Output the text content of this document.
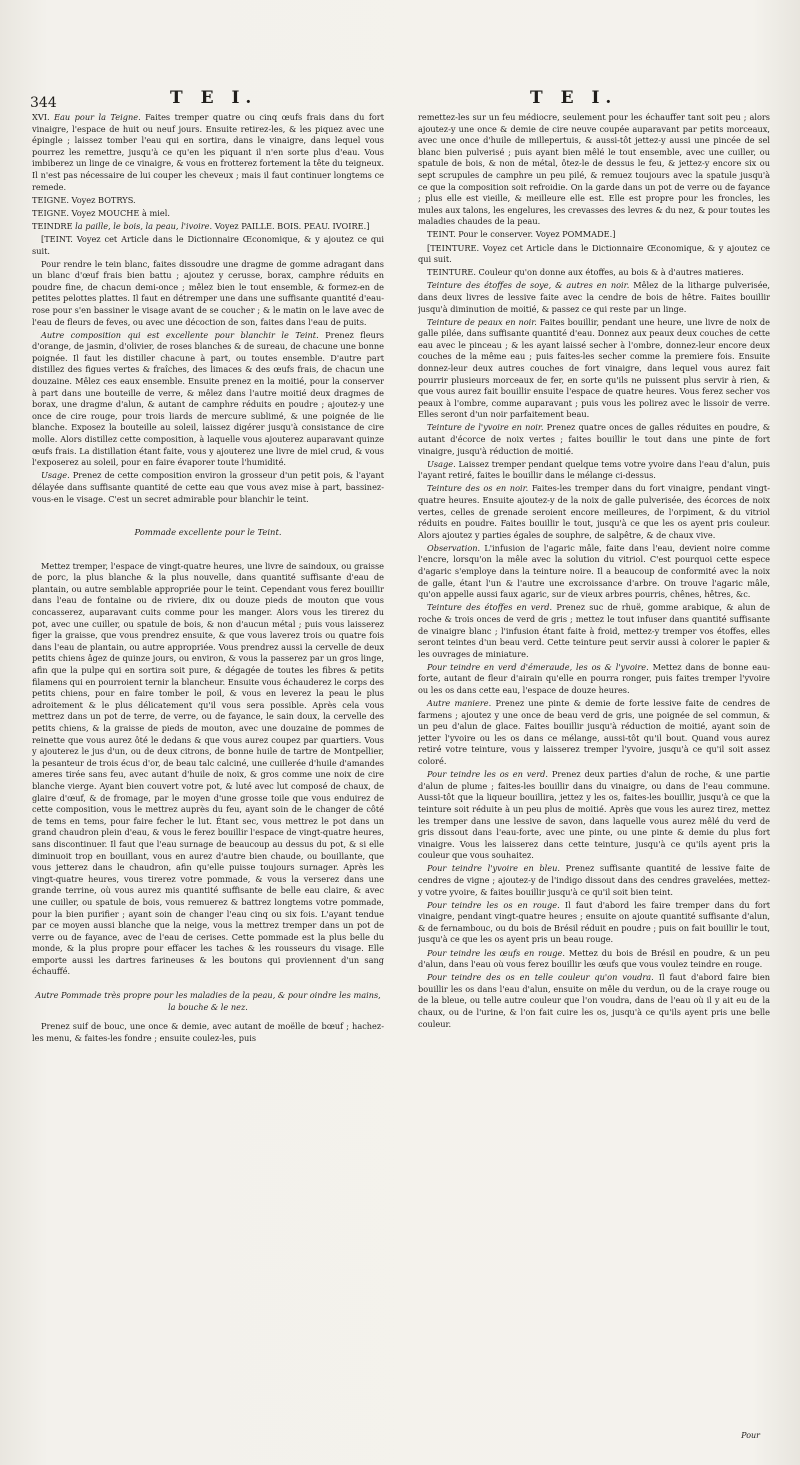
344	T E I.	T E I.

XVI. Eau pour la Teigne. Faites tremper quatre ou cinq œufs frais dans du fort vinaigre, l'espace de huit ou neuf jours. Ensuite retirez-les, & les piquez avec une épingle ; laissez tomber l'eau qui en sortira, dans le vinaigre, dans lequel vous pourrez les remettre, jusqu'à ce qu'en les piquant il n'en sorte plus d'eau. Vous imbiberez un linge de ce vinaigre, & vous en frotterez fortement la tête du teigneux. Il n'est pas nécessaire de lui couper les cheveux ; mais il faut continuer longtems ce remede.

TEIGNE. Voyez BOTRYS.

TEIGNE. Voyez MOUCHE à miel.

TEINDRE la paille, le bois, la peau, l'ivoire. Voyez PAILLE. BOIS. PEAU. IVOIRE.]

[TEINT. Voyez cet Article dans le Dictionnaire Œconomique, & y ajoutez ce qui suit.

Pour rendre le tein blanc, faites dissoudre une dragme de gomme adragant dans un blanc d'œuf frais bien battu ; ajoutez y cerusse, borax, camphre réduits en poudre fine, de chacun demi-once ; mêlez bien le tout ensemble, & formez-en de petites pelottes plattes. Il faut en détremper une dans une suffisante quantité d'eau-rose pour s'en bassiner le visage avant de se coucher ; & le matin on le lave avec de l'eau de fleurs de feves, ou avec une décoction de son, faites dans l'eau de puits.

Autre composition qui est excellente pour blanchir le Teint. Prenez fleurs d'orange, de jasmin, d'olivier, de roses blanches & de sureau, de chacune une bonne poignée. Il faut les distiller chacune à part, ou toutes ensemble. D'autre part distillez des figues vertes & fraîches, des limaces & des œufs frais, de chacun une douzaine. Mêlez ces eaux ensemble. Ensuite prenez en la moitié, pour la conserver à part dans une bouteille de verre, & mêlez dans l'autre moitié deux dragmes de borax, une dragme d'alun, & autant de camphre réduits en poudre ; ajoutez-y une once de cire rouge, pour trois liards de mercure sublimé, & une poignée de lie blanche. Exposez la bouteille au soleil, laissez digérer jusqu'à consistance de cire molle. Alors distillez cette composition, à laquelle vous ajouterez auparavant quinze œufs frais. La distillation étant faite, vous y ajouterez une livre de miel crud, & vous l'exposerez au soleil, pour en faire évaporer toute l'humidité.

Usage. Prenez de cette composition environ la grosseur d'un petit pois, & l'ayant délayée dans suffisante quantité de cette eau que vous avez mise à part, bassinez-vous-en le visage. C'est un secret admirable pour blanchir le teint.

Pommade excellente pour le Teint.

Mettez tremper, l'espace de vingt-quatre heures, une livre de saindoux, ou graisse de porc, la plus blanche & la plus nouvelle, dans quantité suffisante d'eau de plantain, ou autre semblable appropriée pour le teint. Cependant vous ferez bouillir dans l'eau de fontaine ou de riviere, dix ou douze pieds de mouton que vous concasserez, auparavant cuits comme pour les manger. Alors vous les tirerez du pot, avec une cuiller, ou spatule de bois, & non d'aucun métal ; puis vous laisserez figer la graisse, que vous prendrez ensuite, & que vous laverez trois ou quatre fois dans l'eau de plantain, ou autre appropriée. Vous prendrez aussi la cervelle de deux petits chiens âgez de quinze jours, ou environ, & vous la passerez par un gros linge, afin que la pulpe qui en sortira soit pure, & dégagée de toutes les fibres & petits filamens qui en pourroient ternir la blancheur. Ensuite vous échauderez le corps des petits chiens, pour en faire tomber le poil, & vous en leverez la peau le plus adroitement & le plus délicatement qu'il vous sera possible. Après cela vous mettrez dans un pot de terre, de verre, ou de fayance, le sain doux, la cervelle des petits chiens, & la graisse de pieds de mouton, avec une douzaine de pommes de reinette que vous aurez ôté le dedans & que vous aurez coupez par quartiers. Vous y ajouterez le jus d'un, ou de deux citrons, de bonne huile de tartre de Montpellier, la pesanteur de trois écus d'or, de beau talc calciné, une cuillerée d'huile d'amandes ameres tirée sans feu, avec autant d'huile de noix, & gros comme une noix de cire blanche vierge. Ayant bien couvert votre pot, & luté avec lut composé de chaux, de glaire d'œuf, & de fromage, par le moyen d'une grosse toile que vous enduirez de cette composition, vous le mettrez auprès du feu, ayant soin de le changer de côté de tems en tems, pour faire fecher le lut. Étant sec, vous mettrez le pot dans un grand chaudron plein d'eau, & vous le ferez bouillir l'espace de vingt-quatre heures, sans discontinuer. Il faut que l'eau surnage de beaucoup au dessus du pot, & si elle diminuoit trop en bouillant, vous en aurez d'autre bien chaude, ou bouillante, que vous jetterez dans le chaudron, afin qu'elle puisse toujours surnager. Après les vingt-quatre heures, vous tirerez votre pommade, & vous la verserez dans une grande terrine, où vous aurez mis quantité suffisante de belle eau claire, & avec une cuiller, ou spatule de bois, vous remuerez & battrez longtems votre pommade, pour la bien purifier ; ayant soin de changer l'eau cinq ou six fois. L'ayant tendue par ce moyen aussi blanche que la neige, vous la mettrez tremper dans un pot de verre ou de fayance, avec de l'eau de cerises. Cette pommade est la plus belle du monde, & la plus propre pour effacer les taches & les rousseurs du visage. Elle emporte aussi les dartres farineuses & les boutons qui proviennent d'un sang échauffé.

Autre Pommade très propre pour les maladies de la peau, & pour oindre les mains, la bouche & le nez.

Prenez suif de bouc, une once & demie, avec autant de moëlle de bœuf ; hachez-les menu, & faites-les fondre ; ensuite coulez-les, puis

remettez-les sur un feu médiocre, seulement pour les échauffer tant soit peu ; alors ajoutez-y une once & demie de cire neuve coupée auparavant par petits morceaux, avec une once d'huile de millepertuis, & aussi-tôt jettez-y aussi une pincée de sel blanc bien pulverisé ; puis ayant bien mêlé le tout ensemble, avec une cuiller, ou spatule de bois, & non de métal, ôtez-le de dessus le feu, & jettez-y encore six ou sept scrupules de camphre un peu pilé, & remuez toujours avec la spatule jusqu'à ce que la composition soit refroidie. On la garde dans un pot de verre ou de fayance ; plus elle est vieille, & meilleure elle est. Elle est propre pour les froncles, les mules aux talons, les engelures, les crevasses des levres & du nez, & pour toutes les maladies chaudes de la peau.

TEINT. Pour le conserver. Voyez POMMADE.]

[TEINTURE. Voyez cet Article dans le Dictionnaire Œconomique, & y ajoutez ce qui suit.

TEINTURE. Couleur qu'on donne aux étoffes, au bois & à d'autres matieres.

Teinture des étoffes de soye, & autres en noir. Mêlez de la litharge pulverisée, dans deux livres de lessive faite avec la cendre de bois de hêtre. Faites bouillir jusqu'à diminution de moitié, & passez ce qui reste par un linge.

Teinture de peaux en noir. Faites bouillir, pendant une heure, une livre de noix de galle pilée, dans suffisante quantité d'eau. Donnez aux peaux deux couches de cette eau avec le pinceau ; & les ayant laissé secher à l'ombre, donnez-leur encore deux couches de la même eau ; puis faites-les secher comme la premiere fois. Ensuite donnez-leur deux autres couches de fort vinaigre, dans lequel vous aurez fait pourrir plusieurs morceaux de fer, en sorte qu'ils ne puissent plus servir à rien, & que vous aurez fait bouillir ensuite l'espace de quatre heures. Vous ferez secher vos peaux à l'ombre, comme auparavant ; puis vous les polirez avec le lissoir de verre. Elles seront d'un noir parfaitement beau.

Teinture de l'yvoire en noir. Prenez quatre onces de galles réduites en poudre, & autant d'écorce de noix vertes ; faites bouillir le tout dans une pinte de fort vinaigre, jusqu'à réduction de moitié.

Usage. Laissez tremper pendant quelque tems votre yvoire dans l'eau d'alun, puis l'ayant retiré, faites le bouillir dans le mélange ci-dessus.

Teinture des os en noir. Faites-les tremper dans du fort vinaigre, pendant vingt-quatre heures. Ensuite ajoutez-y de la noix de galle pulverisée, des écorces de noix vertes, celles de grenade seroient encore meilleures, de l'orpiment, & du vitriol réduits en poudre. Faites bouillir le tout, jusqu'à ce que les os ayent pris couleur. Alors ajoutez y parties égales de souphre, de salpêtre, & de chaux vive.

Observation. L'infusion de l'agaric mâle, faite dans l'eau, devient noire comme l'encre, lorsqu'on la mêle avec la solution du vitriol. C'est pourquoi cette espece d'agaric s'employe dans la teinture noire. Il a beaucoup de conformité avec la noix de galle, étant l'un & l'autre une excroissance d'arbre. On trouve l'agaric mâle, qu'on appelle aussi faux agaric, sur de vieux arbres pourris, chênes, hêtres, &c.

Teinture des étoffes en verd. Prenez suc de rhuë, gomme arabique, & alun de roche & trois onces de verd de gris ; mettez le tout infuser dans quantité suffisante de vinaigre blanc ; l'infusion étant faite à froid, mettez-y tremper vos étoffes, elles seront teintes d'un beau verd. Cette teinture peut servir aussi à colorer le papier & les ouvrages de miniature.

Pour teindre en verd d'émeraude, les os & l'yvoire. Mettez dans de bonne eau-forte, autant de fleur d'airain qu'elle en pourra ronger, puis faites tremper l'yvoire ou les os dans cette eau, l'espace de douze heures.

Autre maniere. Prenez une pinte & demie de forte lessive faite de cendres de farmens ; ajoutez y une once de beau verd de gris, une poignée de sel commun, & un peu d'alun de glace. Faites bouillir jusqu'à réduction de moitié, ayant soin de jetter l'yvoire ou les os dans ce mélange, aussi-tôt qu'il bout. Quand vous aurez retiré votre teinture, vous y laisserez tremper l'yvoire, jusqu'à ce qu'il soit assez coloré.

Pour teindre les os en verd. Prenez deux parties d'alun de roche, & une partie d'alun de plume ; faites-les bouillir dans du vinaigre, ou dans de l'eau commune. Aussi-tôt que la liqueur bouillira, jettez y les os, faites-les bouillir, jusqu'à ce que la teinture soit réduite à un peu plus de moitié. Après que vous les aurez tirez, mettez les tremper dans une lessive de savon, dans laquelle vous aurez mêlé du verd de gris dissout dans l'eau-forte, avec une pinte, ou une pinte & demie du plus fort vinaigre. Vous les laisserez dans cette teinture, jusqu'à ce qu'ils ayent pris la couleur que vous souhaitez.

Pour teindre l'yvoire en bleu. Prenez suffisante quantité de lessive faite de cendres de vigne ; ajoutez-y de l'indigo dissout dans des cendres gravelées, mettez-y votre yvoire, & faites bouillir jusqu'à ce qu'il soit bien teint.

Pour teindre les os en rouge. Il faut d'abord les faire tremper dans du fort vinaigre, pendant vingt-quatre heures ; ensuite on ajoute quantité suffisante d'alun, & de fernambouc, ou du bois de Brésil réduit en poudre ; puis on fait bouillir le tout, jusqu'à ce que les os ayent pris un beau rouge.

Pour teindre les œufs en rouge. Mettez du bois de Brésil en poudre, & un peu d'alun, dans l'eau où vous ferez bouillir les œufs que vous voulez teindre en rouge.

Pour teindre des os en telle couleur qu'on voudra. Il faut d'abord faire bien bouillir les os dans l'eau d'alun, ensuite on mêle du verdun, ou de la craye rouge ou de la bleue, ou telle autre couleur que l'on voudra, dans de l'eau où il y ait eu de la chaux, ou de l'urine, & l'on fait cuire les os, jusqu'à ce qu'ils ayent pris une belle couleur.

Pour
